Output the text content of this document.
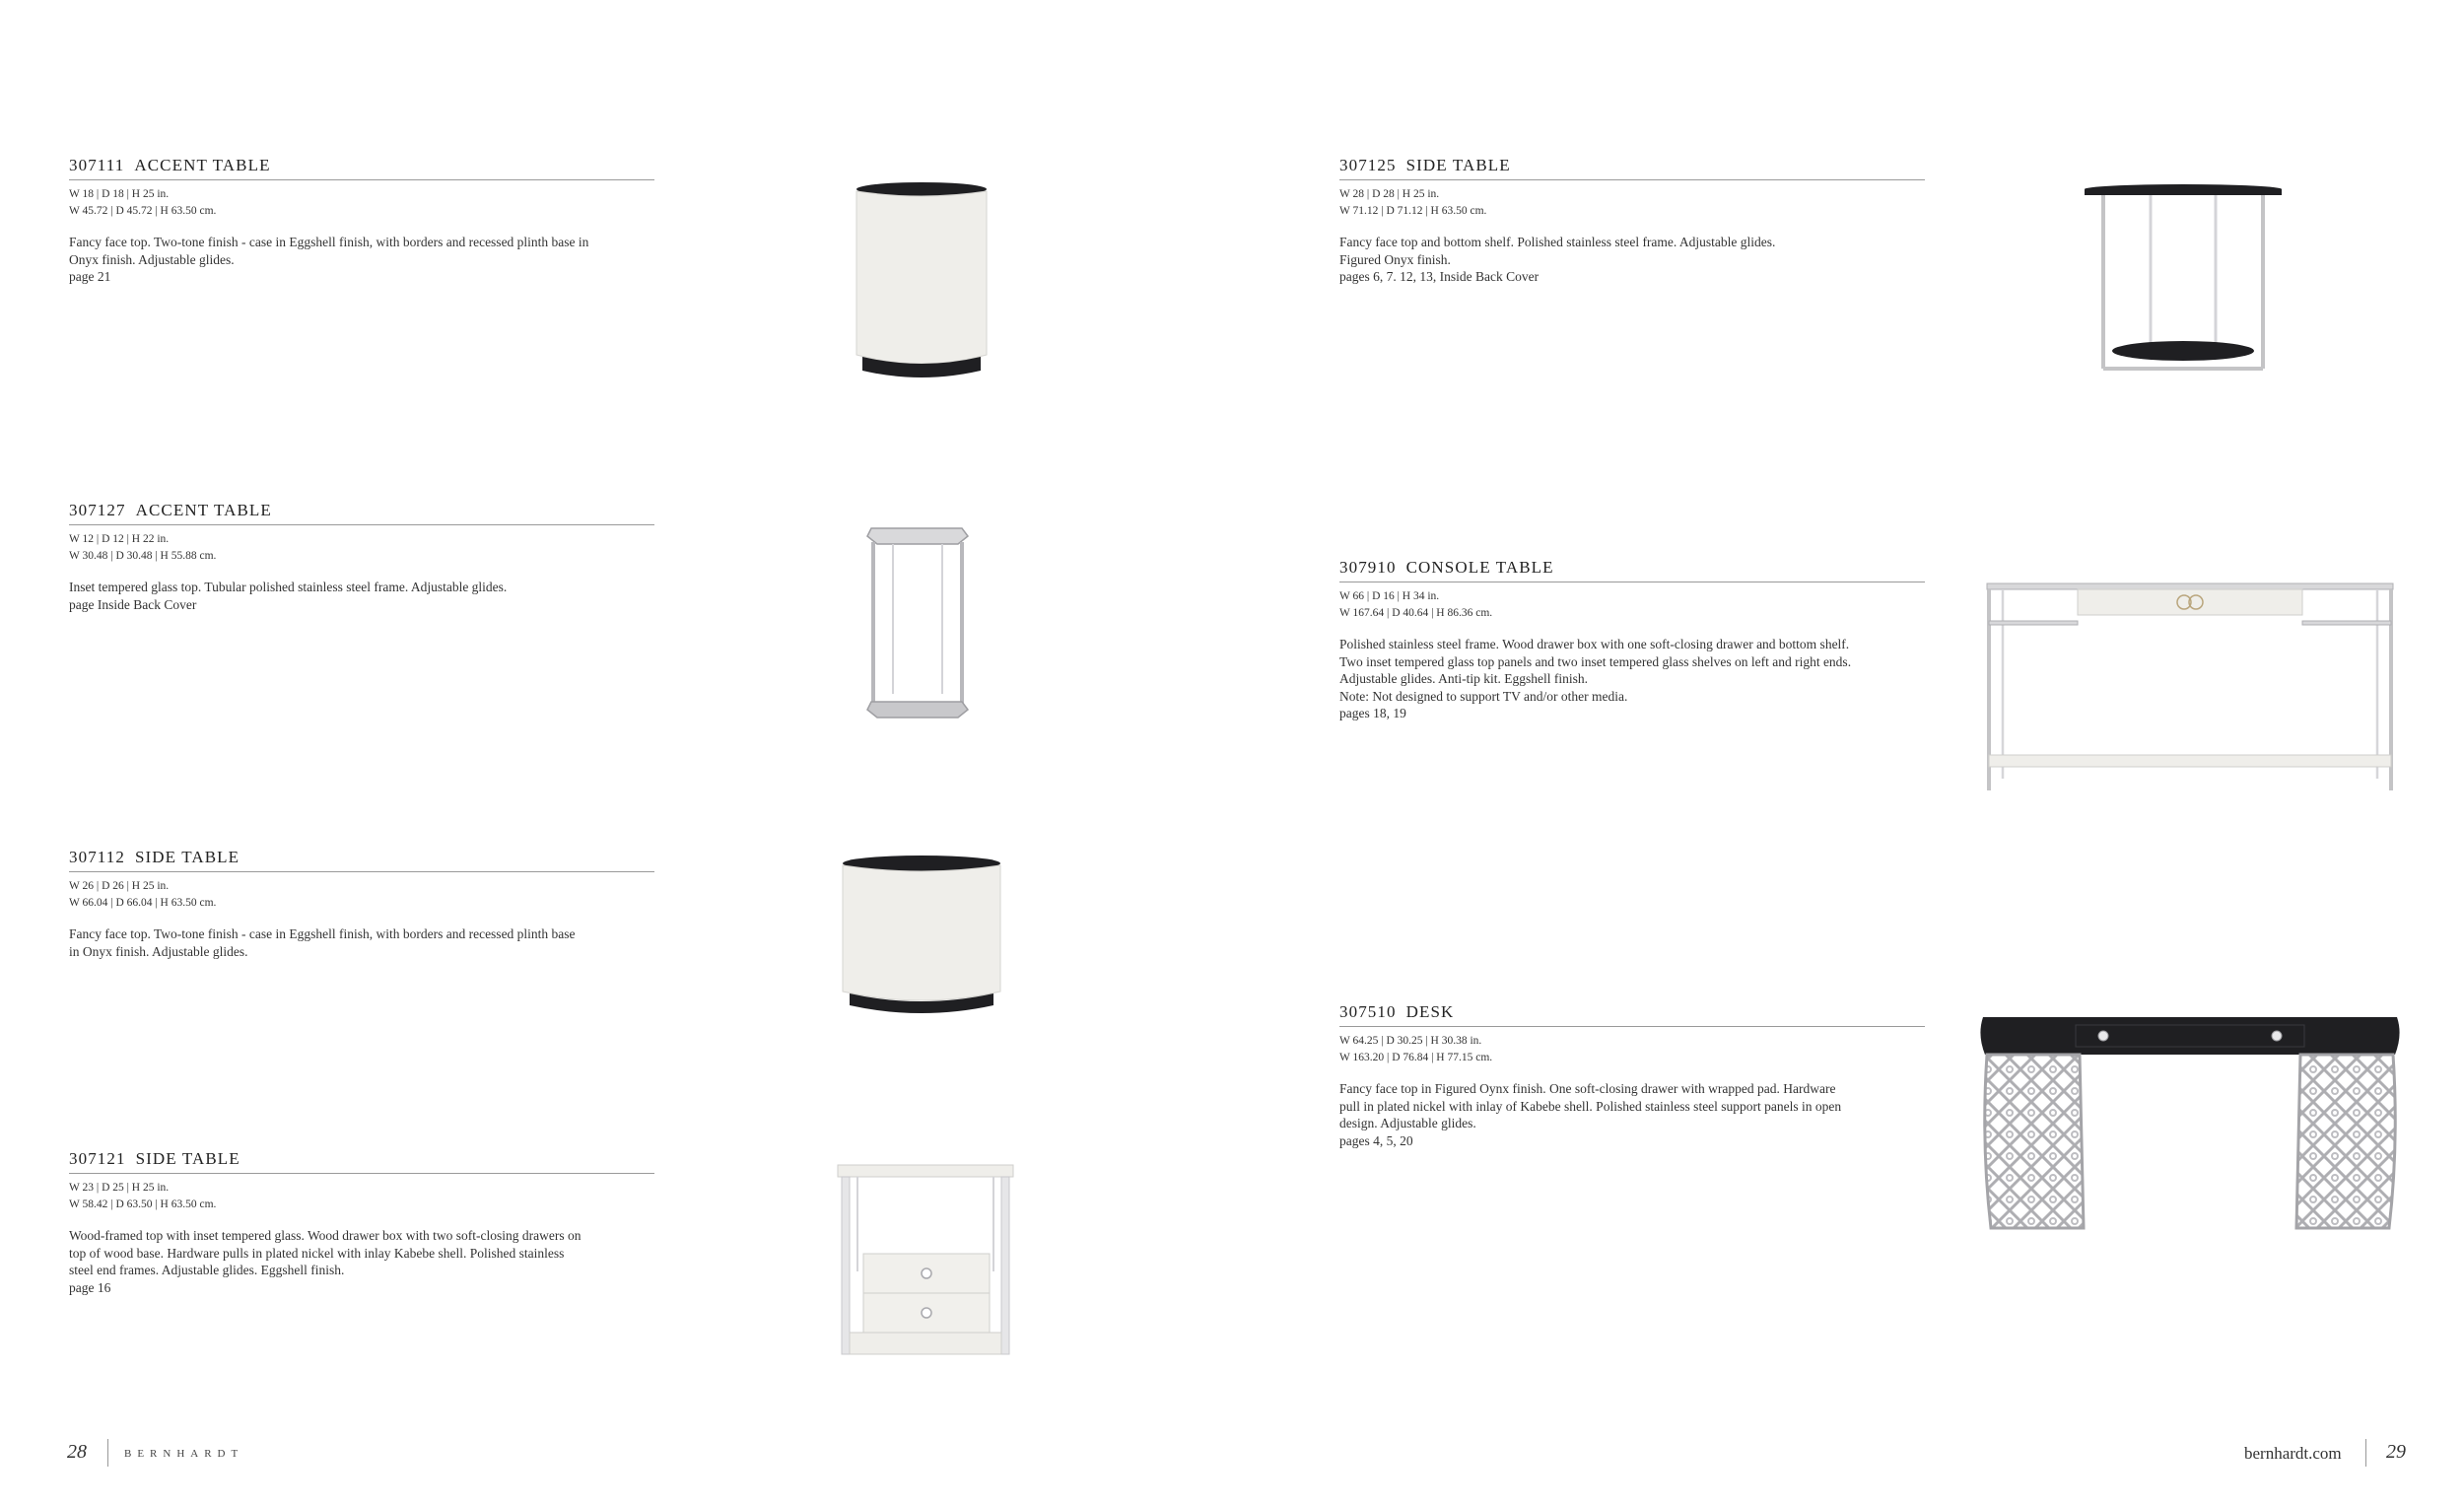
307111 ACCENT TABLE
W 18 | D 18 | H 25 in.
W 45.72 | D 45.72 | H 63.50 cm.
Fancy face top. Two-tone finish - case in Eggshell finish, with borders and recessed plinth base in
Onyx finish. Adjustable glides.
page 21
307127 ACCENT TABLE
W 12 | D 12 | H 22 in.
W 30.48 | D 30.48 | H 55.88 cm.
Inset tempered glass top. Tubular polished stainless steel frame. Adjustable glides.
page Inside Back Cover
307112 SIDE TABLE
W 26 | D 26 | H 25 in.
W 66.04 | D 66.04 | H 63.50 cm.
Fancy face top. Two-tone finish - case in Eggshell finish, with borders and recessed plinth base
in Onyx finish. Adjustable glides.
307121 SIDE TABLE
W 23 | D 25 | H 25 in.
W 58.42 | D 63.50 | H 63.50 cm.
Wood-framed top with inset tempered glass. Wood drawer box with two soft-closing drawers on
top of wood base. Hardware pulls in plated nickel with inlay Kabebe shell. Polished stainless
steel end frames. Adjustable glides. Eggshell finish.
page 16
28	BERNHARDT
307125 SIDE TABLE
W 28 | D 28 | H 25 in.
W 71.12 | D 71.12 | H 63.50 cm.
Fancy face top and bottom shelf. Polished stainless steel frame. Adjustable glides.
Figured Onyx finish.
pages 6, 7. 12, 13, Inside Back Cover
307910 CONSOLE TABLE
W 66 | D 16 | H 34 in.
W 167.64 | D 40.64 | H 86.36 cm.
Polished stainless steel frame. Wood drawer box with one soft-closing drawer and bottom shelf.
Two inset tempered glass top panels and two inset tempered glass shelves on left and right ends.
Adjustable glides. Anti-tip kit. Eggshell finish.
Note: Not designed to support TV and/or other media.
pages 18, 19
307510 DESK
W 64.25 | D 30.25 | H 30.38 in.
W 163.20 | D 76.84 | H 77.15 cm.
Fancy face top in Figured Oynx finish. One soft-closing drawer with wrapped pad. Hardware
pull in plated nickel with inlay of Kabebe shell. Polished stainless steel support panels in open
design. Adjustable glides.
pages 4, 5, 20
bernhardt.com 29
